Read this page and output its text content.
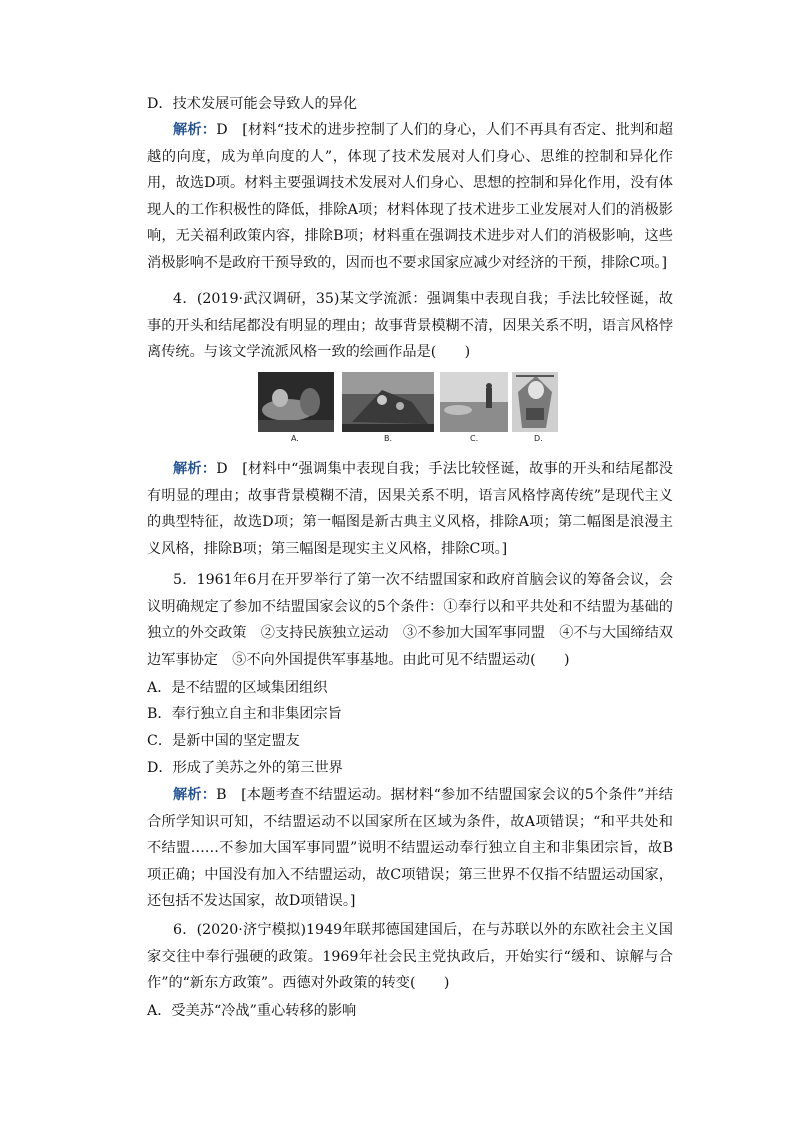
D．技术发展可能会导致人的异化
解析：D　[材料“技术的进步控制了人们的身心，人们不再具有否定、批判和超越的向度，成为单向度的人”，体现了技术发展对人们身心、思维的控制和异化作用，故选D项。材料主要强调技术发展对人们身心、思想的控制和异化作用，没有体现人的工作积极性的降低，排除A项；材料体现了技术进步工业发展对人们的消极影响，无关福利政策内容，排除B项；材料重在强调技术进步对人们的消极影响，这些消极影响不是政府干预导致的，因而也不要求国家应减少对经济的干预，排除C项。]
4．(2019·武汉调研，35)某文学流派：强调集中表现自我；手法比较怪诞，故事的开头和结尾都没有明显的理由；故事背景模糊不清，因果关系不明，语言风格悖离传统。与该文学流派风格一致的绘画作品是(　　)
A.	B.	C.	D.
解析：D　[材料中“强调集中表现自我；手法比较怪诞，故事的开头和结尾都没有明显的理由；故事背景模糊不清，因果关系不明，语言风格悖离传统”是现代主义的典型特征，故选D项；第一幅图是新古典主义风格，排除A项；第二幅图是浪漫主义风格，排除B项；第三幅图是现实主义风格，排除C项。]
5．1961年6月在开罗举行了第一次不结盟国家和政府首脑会议的筹备会议，会议明确规定了参加不结盟国家会议的5个条件：①奉行以和平共处和不结盟为基础的独立的外交政策　②支持民族独立运动　③不参加大国军事同盟　④不与大国缔结双边军事协定　⑤不向外国提供军事基地。由此可见不结盟运动(　　)
A．是不结盟的区域集团组织
B．奉行独立自主和非集团宗旨
C．是新中国的坚定盟友
D．形成了美苏之外的第三世界
解析：B　[本题考查不结盟运动。据材料“参加不结盟国家会议的5个条件”并结合所学知识可知，不结盟运动不以国家所在区域为条件，故A项错误；“和平共处和不结盟……不参加大国军事同盟”说明不结盟运动奉行独立自主和非集团宗旨，故B项正确；中国没有加入不结盟运动，故C项错误；第三世界不仅指不结盟运动国家，还包括不发达国家，故D项错误。]
6．(2020·济宁模拟)1949年联邦德国建国后，在与苏联以外的东欧社会主义国家交往中奉行强硬的政策。1969年社会民主党执政后，开始实行“缓和、谅解与合作”的“新东方政策”。西德对外政策的转变(　　)
A．受美苏“冷战”重心转移的影响
